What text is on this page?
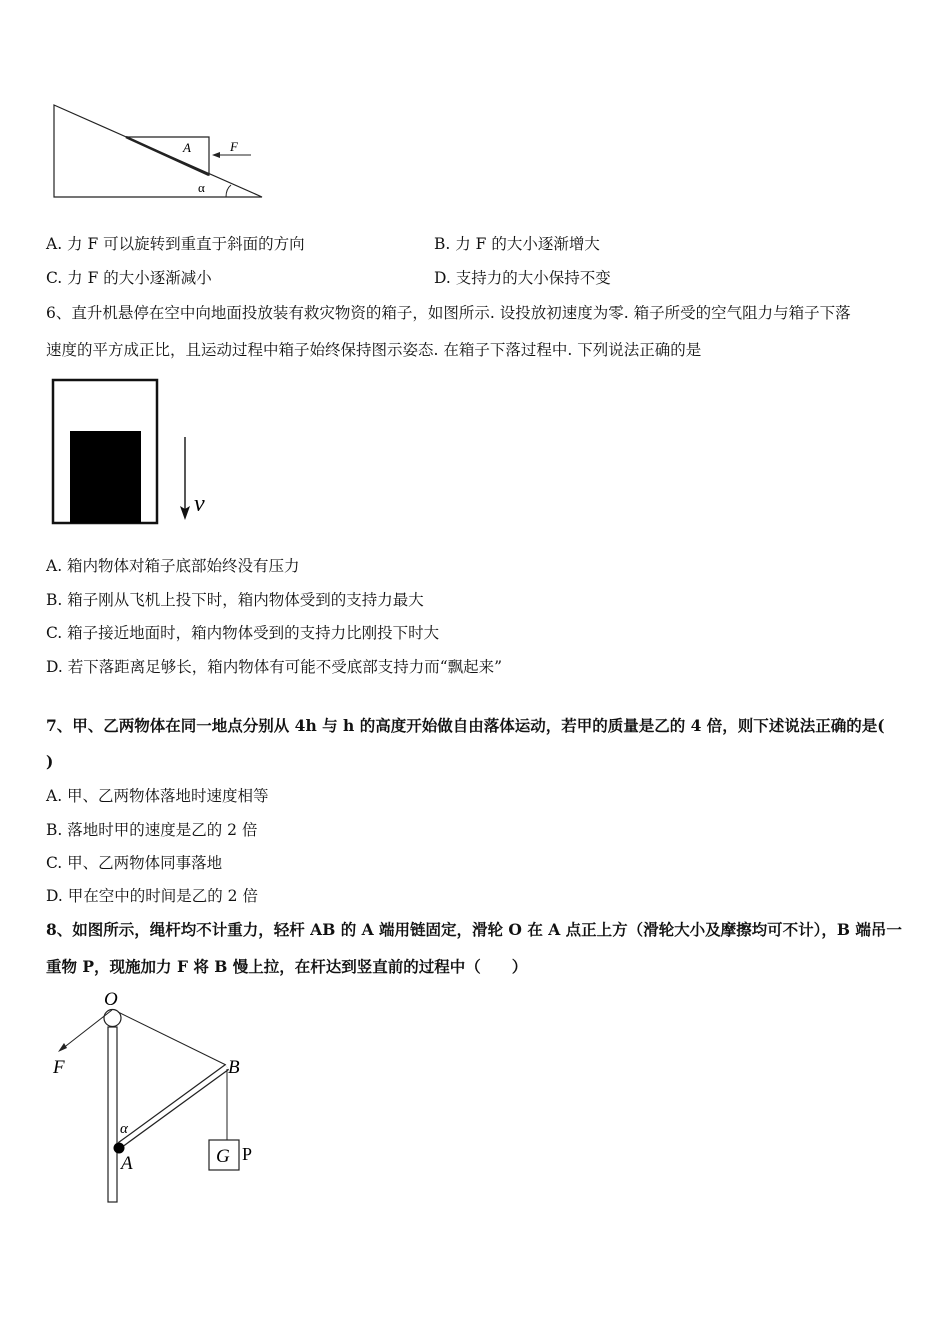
A	F
α
A. 力 F 可以旋转到重直于斜面的方向	B. 力 F 的大小逐渐增大
C. 力 F 的大小逐渐减小	D. 支持力的大小保持不变
6、直升机悬停在空中向地面投放装有救灾物资的箱子，如图所示. 设投放初速度为零. 箱子所受的空气阻力与箱子下落
速度的平方成正比，且运动过程中箱子始终保持图示姿态. 在箱子下落过程中. 下列说法正确的是
v
A. 箱内物体对箱子底部始终没有压力
B. 箱子刚从飞机上投下时，箱内物体受到的支持力最大
C. 箱子接近地面时，箱内物体受到的支持力比刚投下时大
D. 若下落距离足够长，箱内物体有可能不受底部支持力而“飘起来”
7、甲、乙两物体在同一地点分别从 4h 与 h 的高度开始做自由落体运动，若甲的质量是乙的 4 倍，则下述说法正确的是(
)
A. 甲、乙两物体落地时速度相等
B. 落地时甲的速度是乙的 2 倍
C. 甲、乙两物体同事落地
D. 甲在空中的时间是乙的 2 倍
8、如图所示，绳杆均不计重力，轻杆 AB 的 A 端用链固定，滑轮 O 在 A 点正上方（滑轮大小及摩擦均可不计），B 端吊一
重物 P，现施加力 F 将 B 慢上拉，在杆达到竖直前的过程中（　　）
O
F	B
α
A	G P
